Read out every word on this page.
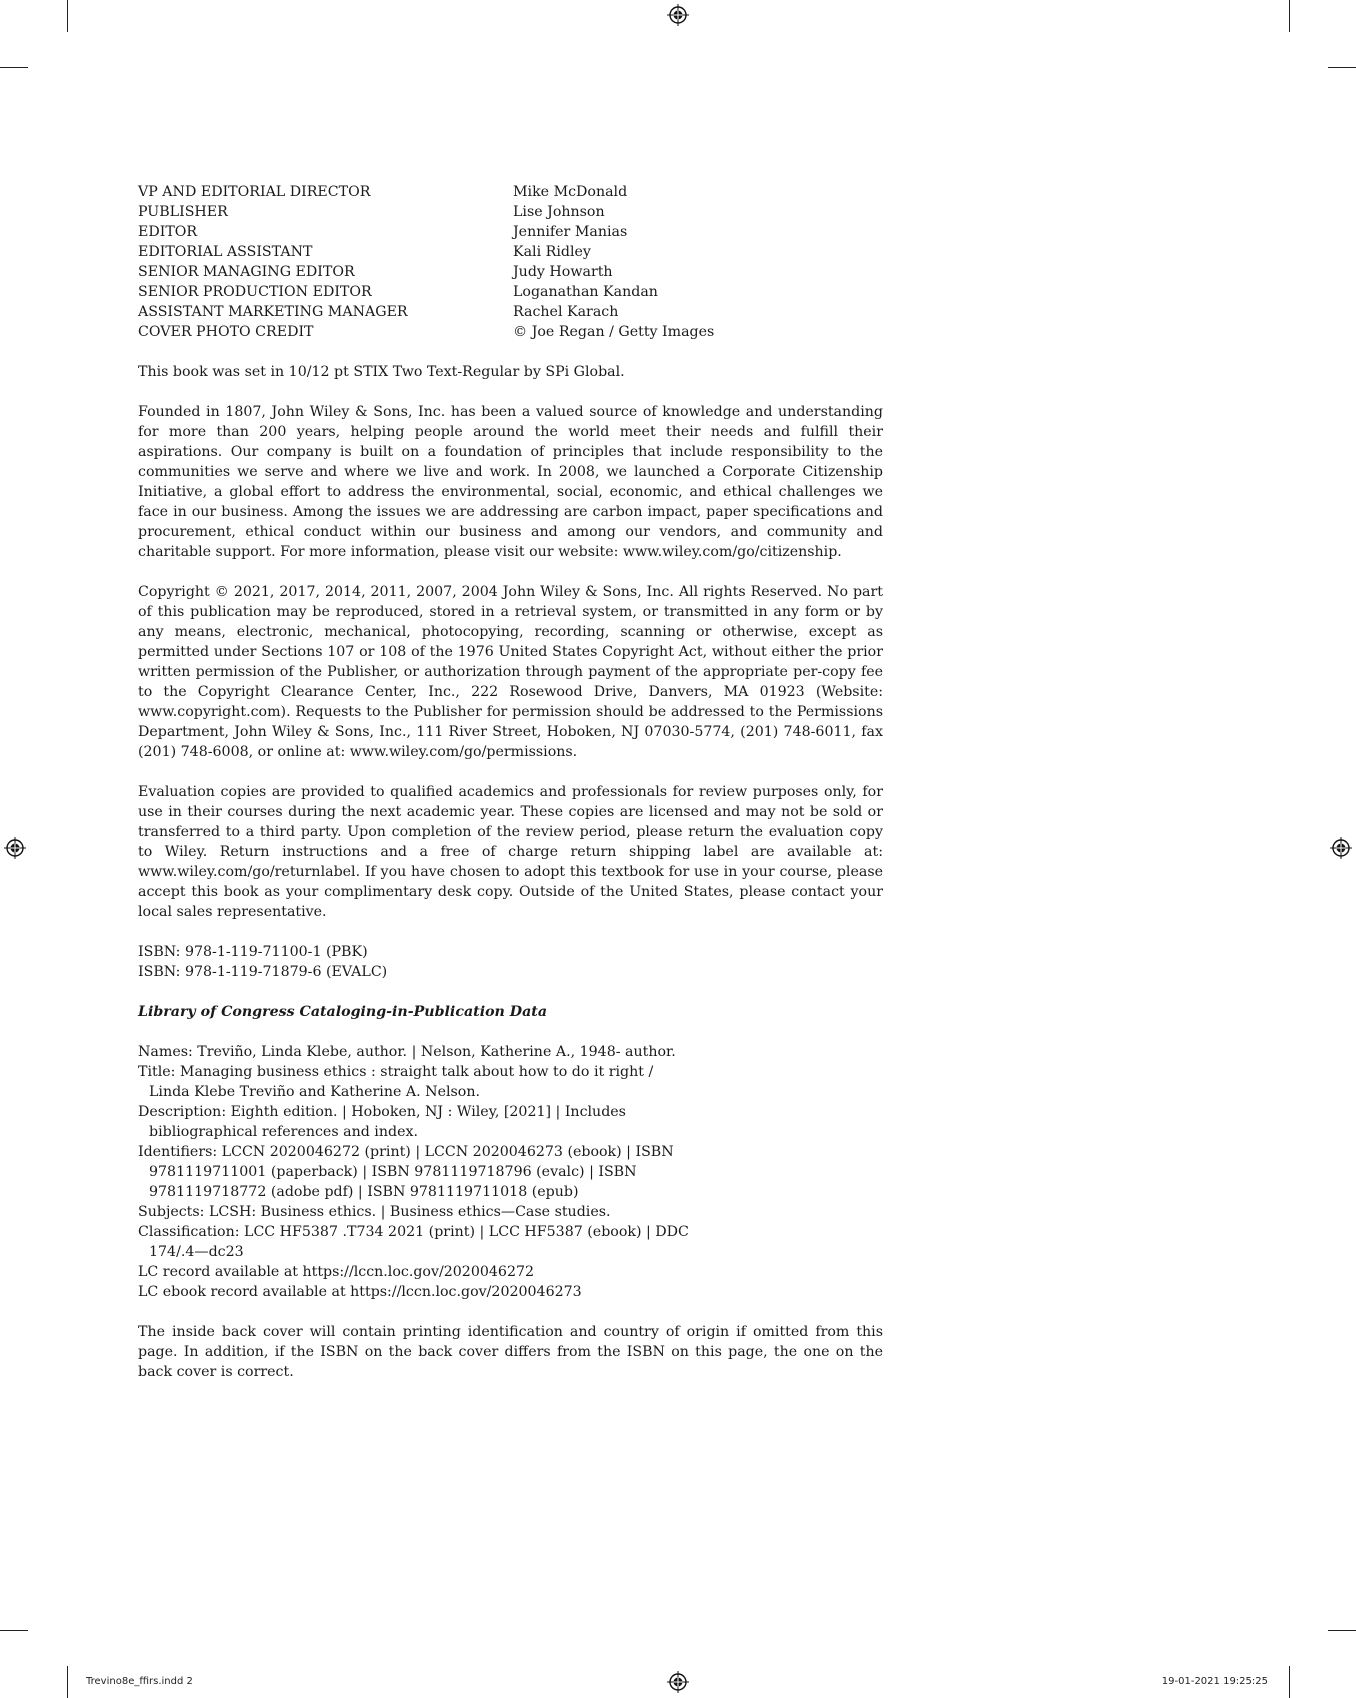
VP AND EDITORIAL DIRECTOR	Mike McDonald
PUBLISHER	Lise Johnson
EDITOR	Jennifer Manias
EDITORIAL ASSISTANT	Kali Ridley
SENIOR MANAGING EDITOR	Judy Howarth
SENIOR PRODUCTION EDITOR	Loganathan Kandan
ASSISTANT MARKETING MANAGER	Rachel Karach
COVER PHOTO CREDIT	© Joe Regan / Getty Images

This book was set in 10/12 pt STIX Two Text-Regular by SPi Global.

Founded in 1807, John Wiley & Sons, Inc. has been a valued source of knowledge and understanding for more than 200 years, helping people around the world meet their needs and fulfill their aspirations. Our company is built on a foundation of principles that include responsibility to the communities we serve and where we live and work. In 2008, we launched a Corporate Citizenship Initiative, a global effort to address the environmental, social, economic, and ethical challenges we face in our business. Among the issues we are addressing are carbon impact, paper specifications and procurement, ethical conduct within our business and among our vendors, and community and charitable support. For more information, please visit our website: www.wiley.com/go/citizenship.

Copyright © 2021, 2017, 2014, 2011, 2007, 2004 John Wiley & Sons, Inc. All rights Reserved. No part of this publication may be reproduced, stored in a retrieval system, or transmitted in any form or by any means, electronic, mechanical, photocopying, recording, scanning or otherwise, except as permitted under Sections 107 or 108 of the 1976 United States Copyright Act, without either the prior written permission of the Publisher, or authorization through payment of the appropriate per-copy fee to the Copyright Clearance Center, Inc., 222 Rosewood Drive, Danvers, MA 01923 (Website: www.copyright.com). Requests to the Publisher for permission should be addressed to the Permissions Department, John Wiley & Sons, Inc., 111 River Street, Hoboken, NJ 07030-5774, (201) 748-6011, fax (201) 748-6008, or online at: www.wiley.com/go/permissions.

Evaluation copies are provided to qualified academics and professionals for review purposes only, for use in their courses during the next academic year. These copies are licensed and may not be sold or transferred to a third party. Upon completion of the review period, please return the evaluation copy to Wiley. Return instructions and a free of charge return shipping label are available at: www.wiley.com/go/returnlabel. If you have chosen to adopt this textbook for use in your course, please accept this book as your complimentary desk copy. Outside of the United States, please contact your local sales representative.

ISBN: 978-1-119-71100-1 (PBK)

ISBN: 978-1-119-71879-6 (EVALC)

Library of Congress Cataloging-in-Publication Data

Names: Treviño, Linda Klebe, author. | Nelson, Katherine A., 1948- author.

Title: Managing business ethics : straight talk about how to do it right /

Linda Klebe Treviño and Katherine A. Nelson.

Description: Eighth edition. | Hoboken, NJ : Wiley, [2021] | Includes

bibliographical references and index.

Identifiers: LCCN 2020046272 (print) | LCCN 2020046273 (ebook) | ISBN

9781119711001 (paperback) | ISBN 9781119718796 (evalc) | ISBN

9781119718772 (adobe pdf) | ISBN 9781119711018 (epub)

Subjects: LCSH: Business ethics. | Business ethics—Case studies.

Classification: LCC HF5387 .T734 2021 (print) | LCC HF5387 (ebook) | DDC

174/.4—dc23

LC record available at https://lccn.loc.gov/2020046272

LC ebook record available at https://lccn.loc.gov/2020046273

The inside back cover will contain printing identification and country of origin if omitted from this page. In addition, if the ISBN on the back cover differs from the ISBN on this page, the one on the back cover is correct.

Trevino8e_ffirs.indd 2	19-01-2021 19:25:25
